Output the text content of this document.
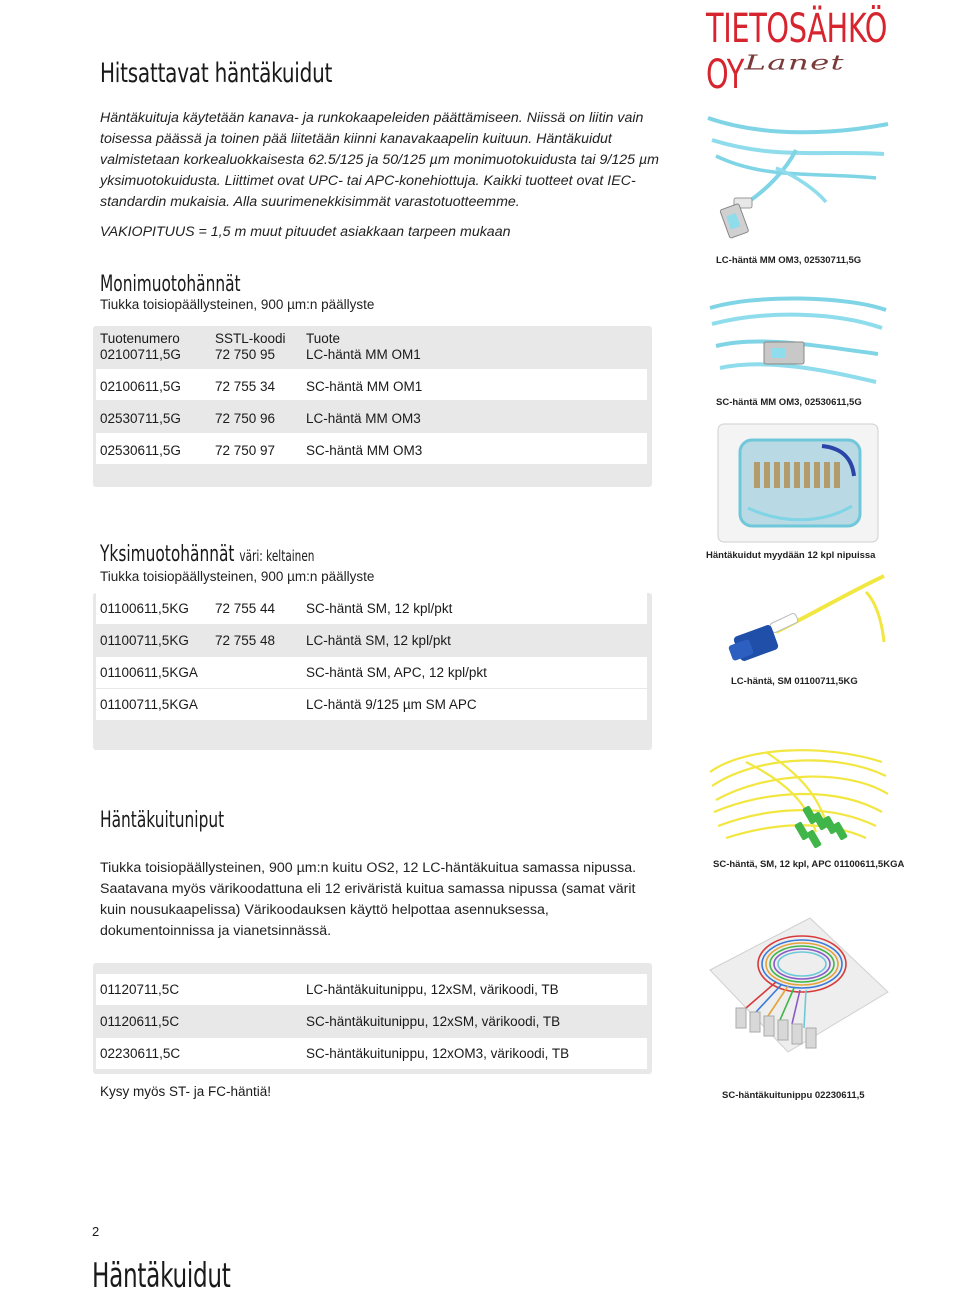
Hitsattavat häntäkuidut
TIETOSÄHKÖ OY Lanet

Häntäkuituja käytetään kanava- ja runkokaapeleiden päättämiseen. Niissä on liitin vain toisessa päässä ja toinen pää liitetään kiinni kanavakaapelin kuituun. Häntäkuidut valmistetaan korkealuokkaisesta 62.5/125 ja 50/125 µm monimuotokuidusta tai 9/125 µm yksimuotokuidusta. Liittimet ovat UPC- tai APC-konehiottuja. Kaikki tuotteet ovat IEC-standardin mukaisia. Alla suurimenekkisimmät varastotuotteemme.

VAKIOPITUUS = 1,5 m muut pituudet asiakkaan tarpeen mukaan
Monimuotohännät
Tiukka toisiopäällysteinen, 900 µm:n päällyste
Tuotenumero	SSTL-koodi Tuote
02100711,5G	72 750 95 LC-häntä MM OM1
02100611,5G	72 755 34 SC-häntä MM OM1
02530711,5G	72 750 96 LC-häntä MM OM3
02530611,5G	72 750 97 SC-häntä MM OM3
Yksimuotohännät väri: keltainen
Tiukka toisiopäällysteinen, 900 µm:n päällyste
01100611,5KG 72 755 44 SC-häntä SM, 12 kpl/pkt
01100711,5KG 72 755 48 LC-häntä SM, 12 kpl/pkt
01100611,5KGA	SC-häntä SM, APC, 12 kpl/pkt
01100711,5KGA	LC-häntä 9/125 µm SM APC
Häntäkuituniput

Tiukka toisiopäällysteinen, 900 µm:n kuitu OS2, 12 LC-häntäkuitua samassa nipussa. Saatavana myös värikoodattuna eli 12 eriväristä kuitua samassa nipussa (samat värit kuin nousukaapelissa) Värikoodauksen käyttö helpottaa asennuksessa, dokumentoinnissa ja vianetsinnässä.

01120711,5C	LC-häntäkuitunippu, 12xSM, värikoodi, TB
01120611,5C	SC-häntäkuitunippu, 12xSM, värikoodi, TB
02230611,5C	SC-häntäkuitunippu, 12xOM3, värikoodi, TB
Kysy myös ST- ja FC-häntiä!
2
Häntäkuidut
LC-häntä MM OM3, 02530711,5G
SC-häntä MM OM3, 02530611,5G
Häntäkuidut myydään 12 kpl nipuissa
LC-häntä, SM 01100711,5KG
SC-häntä, SM, 12 kpl, APC 01100611,5KGA
SC-häntäkuitunippu 02230611,5
